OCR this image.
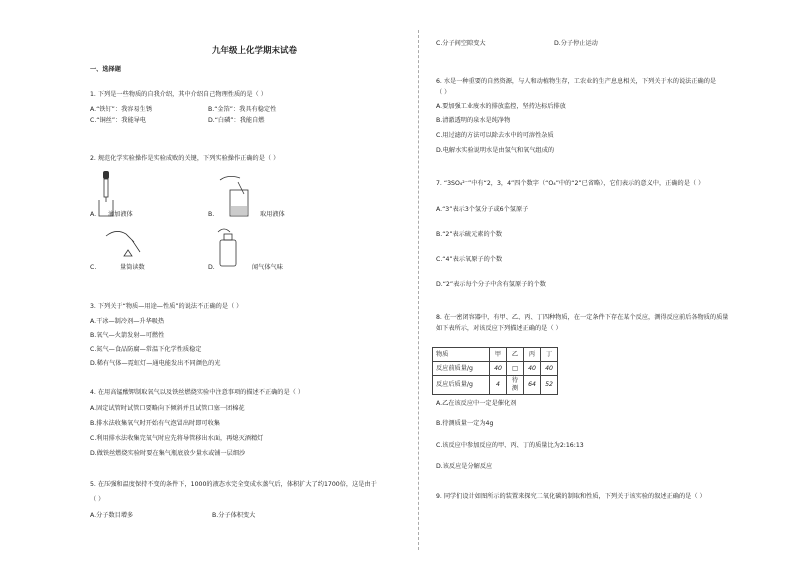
九年级上化学期末试卷
一、选择题
1. 下列是一些物质的自我介绍，其中介绍自己物理性质的是（ ）
A.“铁钉”：我容易生锈	B.“金箔”：我具有稳定性
C.“铜丝”：我能导电	D.“白磷”：我能自燃
2. 规范化学实验操作是实验成败的关键，下列实验操作正确的是（ ）
A. 滴加液体	B.	取用液体
C.	量筒读数	D.	闻气体气味
3. 下列关于“物质—用途—性质”的说法不正确的是（ ）
A.干冰—制冷剂—升华吸热
B.氧气—火箭发射—可燃性
C.氮气—食品防腐—常温下化学性质稳定
D.稀有气体—霓虹灯—通电能发出不同颜色的光
4. 在用高锰酸钾制取氧气以及铁丝燃烧实验中注意事项的描述不正确的是（ ）
A.固定试管时试管口要略向下倾斜并且试管口塞一团棉花
B.排水法收集氧气时开始有气泡冒出时即可收集
C.利用排水法收集完氧气时应先将导管移出水面，再熄灭酒精灯
D.做铁丝燃烧实验时要在集气瓶底放少量水或铺一层细沙
5. 在压强和温度保持不变的条件下，1000的液态水完全变成水蒸气后，体积扩大了约1700倍，这是由于
（ ）
A.分子数目增多	B.分子体积变大
C.分子间空隙变大	D.分子停止运动
6. 水是一种重要的自然资源，与人和动植物生存，工农业的生产息息相关，下列关于水的说法正确的是
（ ）
A.要加强工业废水的排放监控，坚持达标后排放
B.清澈透明的泉水是纯净物
C.用过滤的方法可以除去水中的可溶性杂质
D.电解水实验说明水是由氢气和氧气组成的
7. “3SO₄²⁻”中有“2，3，4”四个数字（“O₄”中的“2”已省略），它们表示的意义中，正确的是（ ）
A.“3”表示3个氢分子或6个氢原子
B.“2”表示硫元素的个数
C.“4”表示氧原子的个数
D.“2”表示每个分子中含有氢原子的个数
8. 在一密闭容器中，有甲、乙、丙、丁四种物质，在一定条件下存在某个反应，测得反应前后各物质的质量
如下表所示，对该反应下列描述正确的是（ ）
物质	甲	乙	丙	丁
反应前质量/g	40	□	40	40
反应后质量/g	4	待测	64	52
A.乙在该反应中一定是催化剂
B.待测质量一定为4g
C.该反应中参加反应的甲、丙、丁的质量比为2:16:13
D.该反应是分解反应
9. 同学们设计如图所示的装置来探究二氧化碳的制取和性质，下列关于该实验的叙述正确的是（ ）
